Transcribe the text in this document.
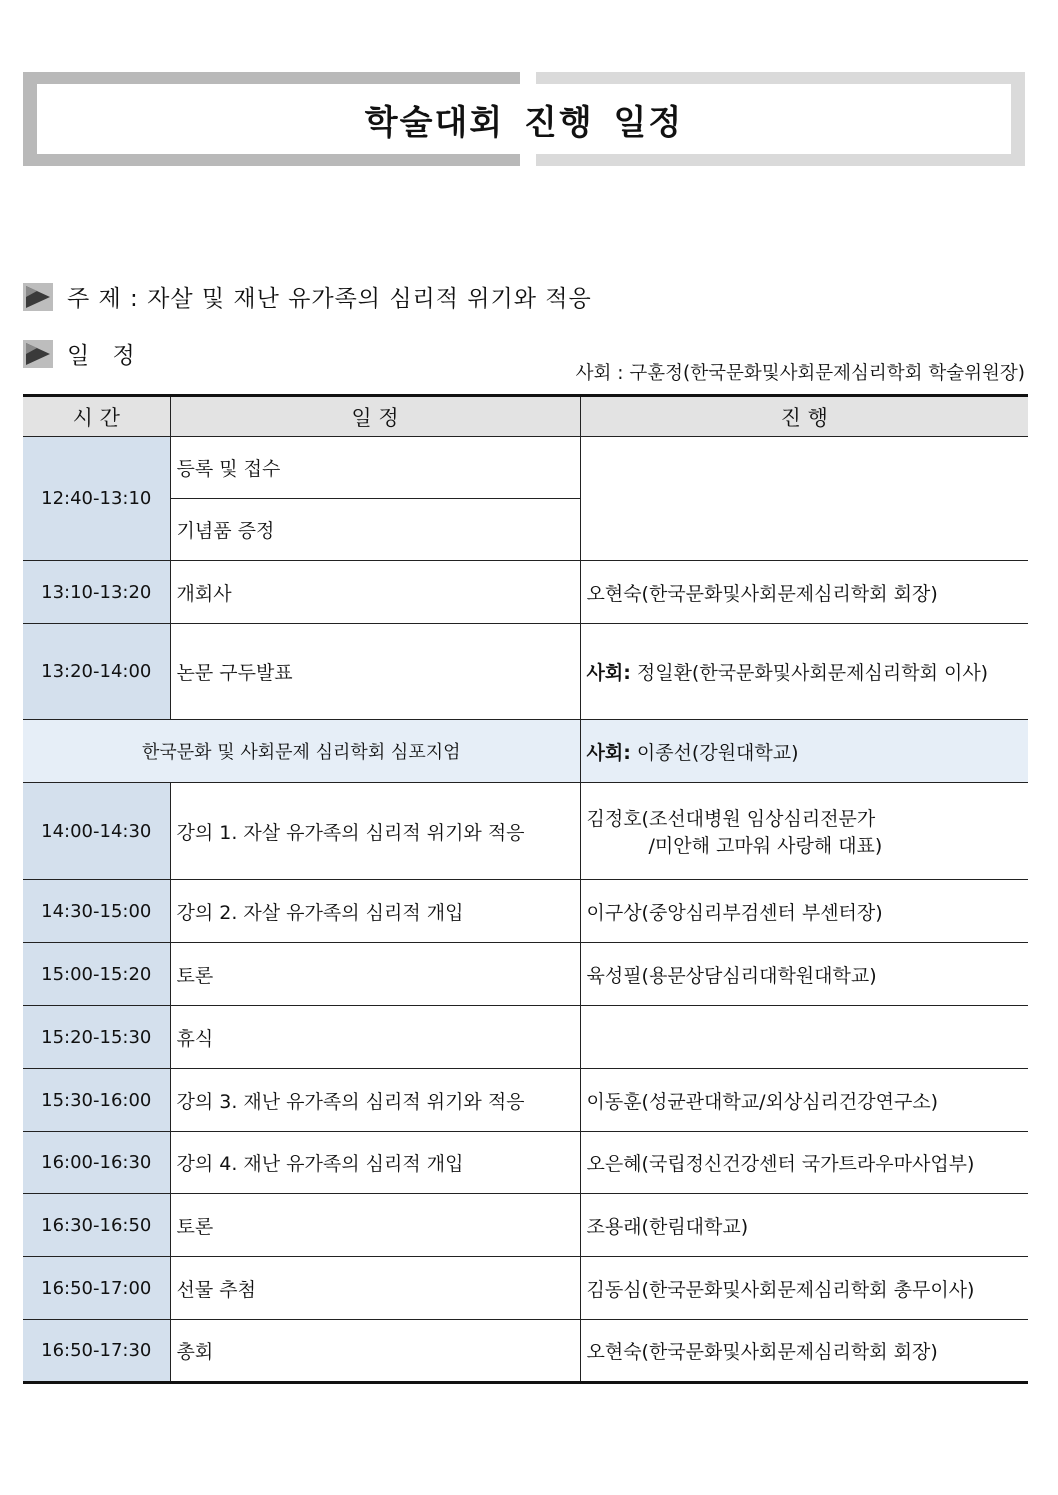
학술대회 진행 일정
주 제 : 자살 및 재난 유가족의 심리적 위기와 적응
일 정
사회 : 구훈정(한국문화및사회문제심리학회 학술위원장)
시 간	일 정	진 행
12:40-13:10	등록 및 접수	
	기념품 증정	
13:10-13:20	개회사	오현숙(한국문화및사회문제심리학회 회장)
13:20-14:00	논문 구두발표	사회: 정일환(한국문화및사회문제심리학회 이사)
한국문화 및 사회문제 심리학회 심포지엄		사회: 이종선(강원대학교)
14:00-14:30	강의 1. 자살 유가족의 심리적 위기와 적응	김정호(조선대병원 임상심리전문가
/미안해 고마워 사랑해 대표)

14:30-15:00	강의 2. 자살 유가족의 심리적 개입	이구상(중앙심리부검센터 부센터장)
15:00-15:20	토론	육성필(용문상담심리대학원대학교)
15:20-15:30	휴식	
15:30-16:00	강의 3. 재난 유가족의 심리적 위기와 적응	이동훈(성균관대학교/외상심리건강연구소)
16:00-16:30	강의 4. 재난 유가족의 심리적 개입	오은혜(국립정신건강센터 국가트라우마사업부)
16:30-16:50	토론	조용래(한림대학교)
16:50-17:00	선물 추첨	김동심(한국문화및사회문제심리학회 총무이사)
16:50-17:30	총회	오현숙(한국문화및사회문제심리학회 회장)
